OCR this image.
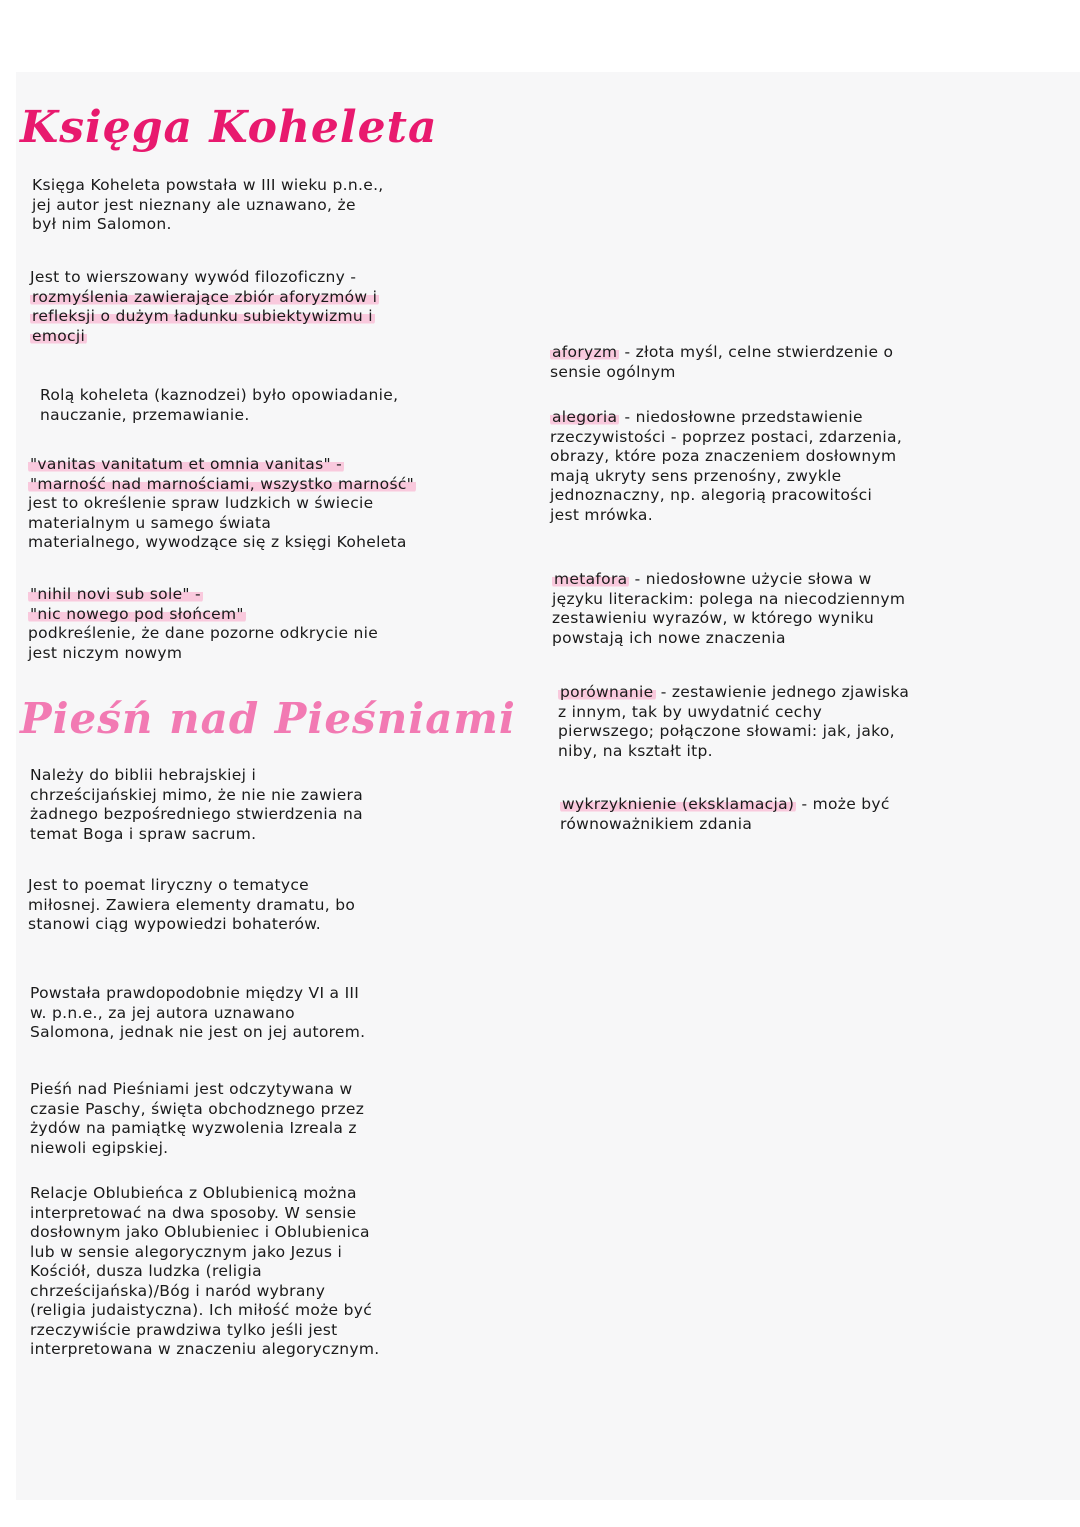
Księga Koheleta
Księga Koheleta powstała w III wieku p.n.e.,
jej autor jest nieznany ale uznawano, że
był nim Salomon.
Jest to wierszowany wywód filozoficzny -
rozmyślenia zawierające zbiór aforyzmów i
refleksji o dużym ładunku subiektywizmu i
emocji
Rolą koheleta (kaznodzei) było opowiadanie,
nauczanie, przemawianie.
"vanitas vanitatum et omnia vanitas" -
"marność nad marnościami, wszystko marność"
jest to określenie spraw ludzkich w świecie
materialnym u samego świata
materialnego, wywodzące się z księgi Koheleta
"nihil novi sub sole" -
"nic nowego pod słońcem"
podkreślenie, że dane pozorne odkrycie nie
jest niczym nowym
Pieśń nad Pieśniami
Należy do biblii hebrajskiej i
chrześcijańskiej mimo, że nie nie zawiera
żadnego bezpośredniego stwierdzenia na
temat Boga i spraw sacrum.
Jest to poemat liryczny o tematyce
miłosnej. Zawiera elementy dramatu, bo
stanowi ciąg wypowiedzi bohaterów.
Powstała prawdopodobnie między VI a III
w. p.n.e., za jej autora uznawano
Salomona, jednak nie jest on jej autorem.
Pieśń nad Pieśniami jest odczytywana w
czasie Paschy, święta obchodznego przez
żydów na pamiątkę wyzwolenia Izreala z
niewoli egipskiej.
Relacje Oblubieńca z Oblubienicą można
interpretować na dwa sposoby. W sensie
dosłownym jako Oblubieniec i Oblubienica
lub w sensie alegorycznym jako Jezus i
Kościół, dusza ludzka (religia
chrześcijańska)/Bóg i naród wybrany
(religia judaistyczna). Ich miłość może być
rzeczywiście prawdziwa tylko jeśli jest
interpretowana w znaczeniu alegorycznym.
aforyzm - złota myśl, celne stwierdzenie o
sensie ogólnym
alegoria - niedosłowne przedstawienie
rzeczywistości - poprzez postaci, zdarzenia,
obrazy, które poza znaczeniem dosłownym
mają ukryty sens przenośny, zwykle
jednoznaczny, np. alegorią pracowitości
jest mrówka.
metafora - niedosłowne użycie słowa w
języku literackim: polega na niecodziennym
zestawieniu wyrazów, w którego wyniku
powstają ich nowe znaczenia
porównanie - zestawienie jednego zjawiska
z innym, tak by uwydatnić cechy
pierwszego; połączone słowami: jak, jako,
niby, na kształt itp.
wykrzyknienie (eksklamacja) - może być
równoważnikiem zdania
